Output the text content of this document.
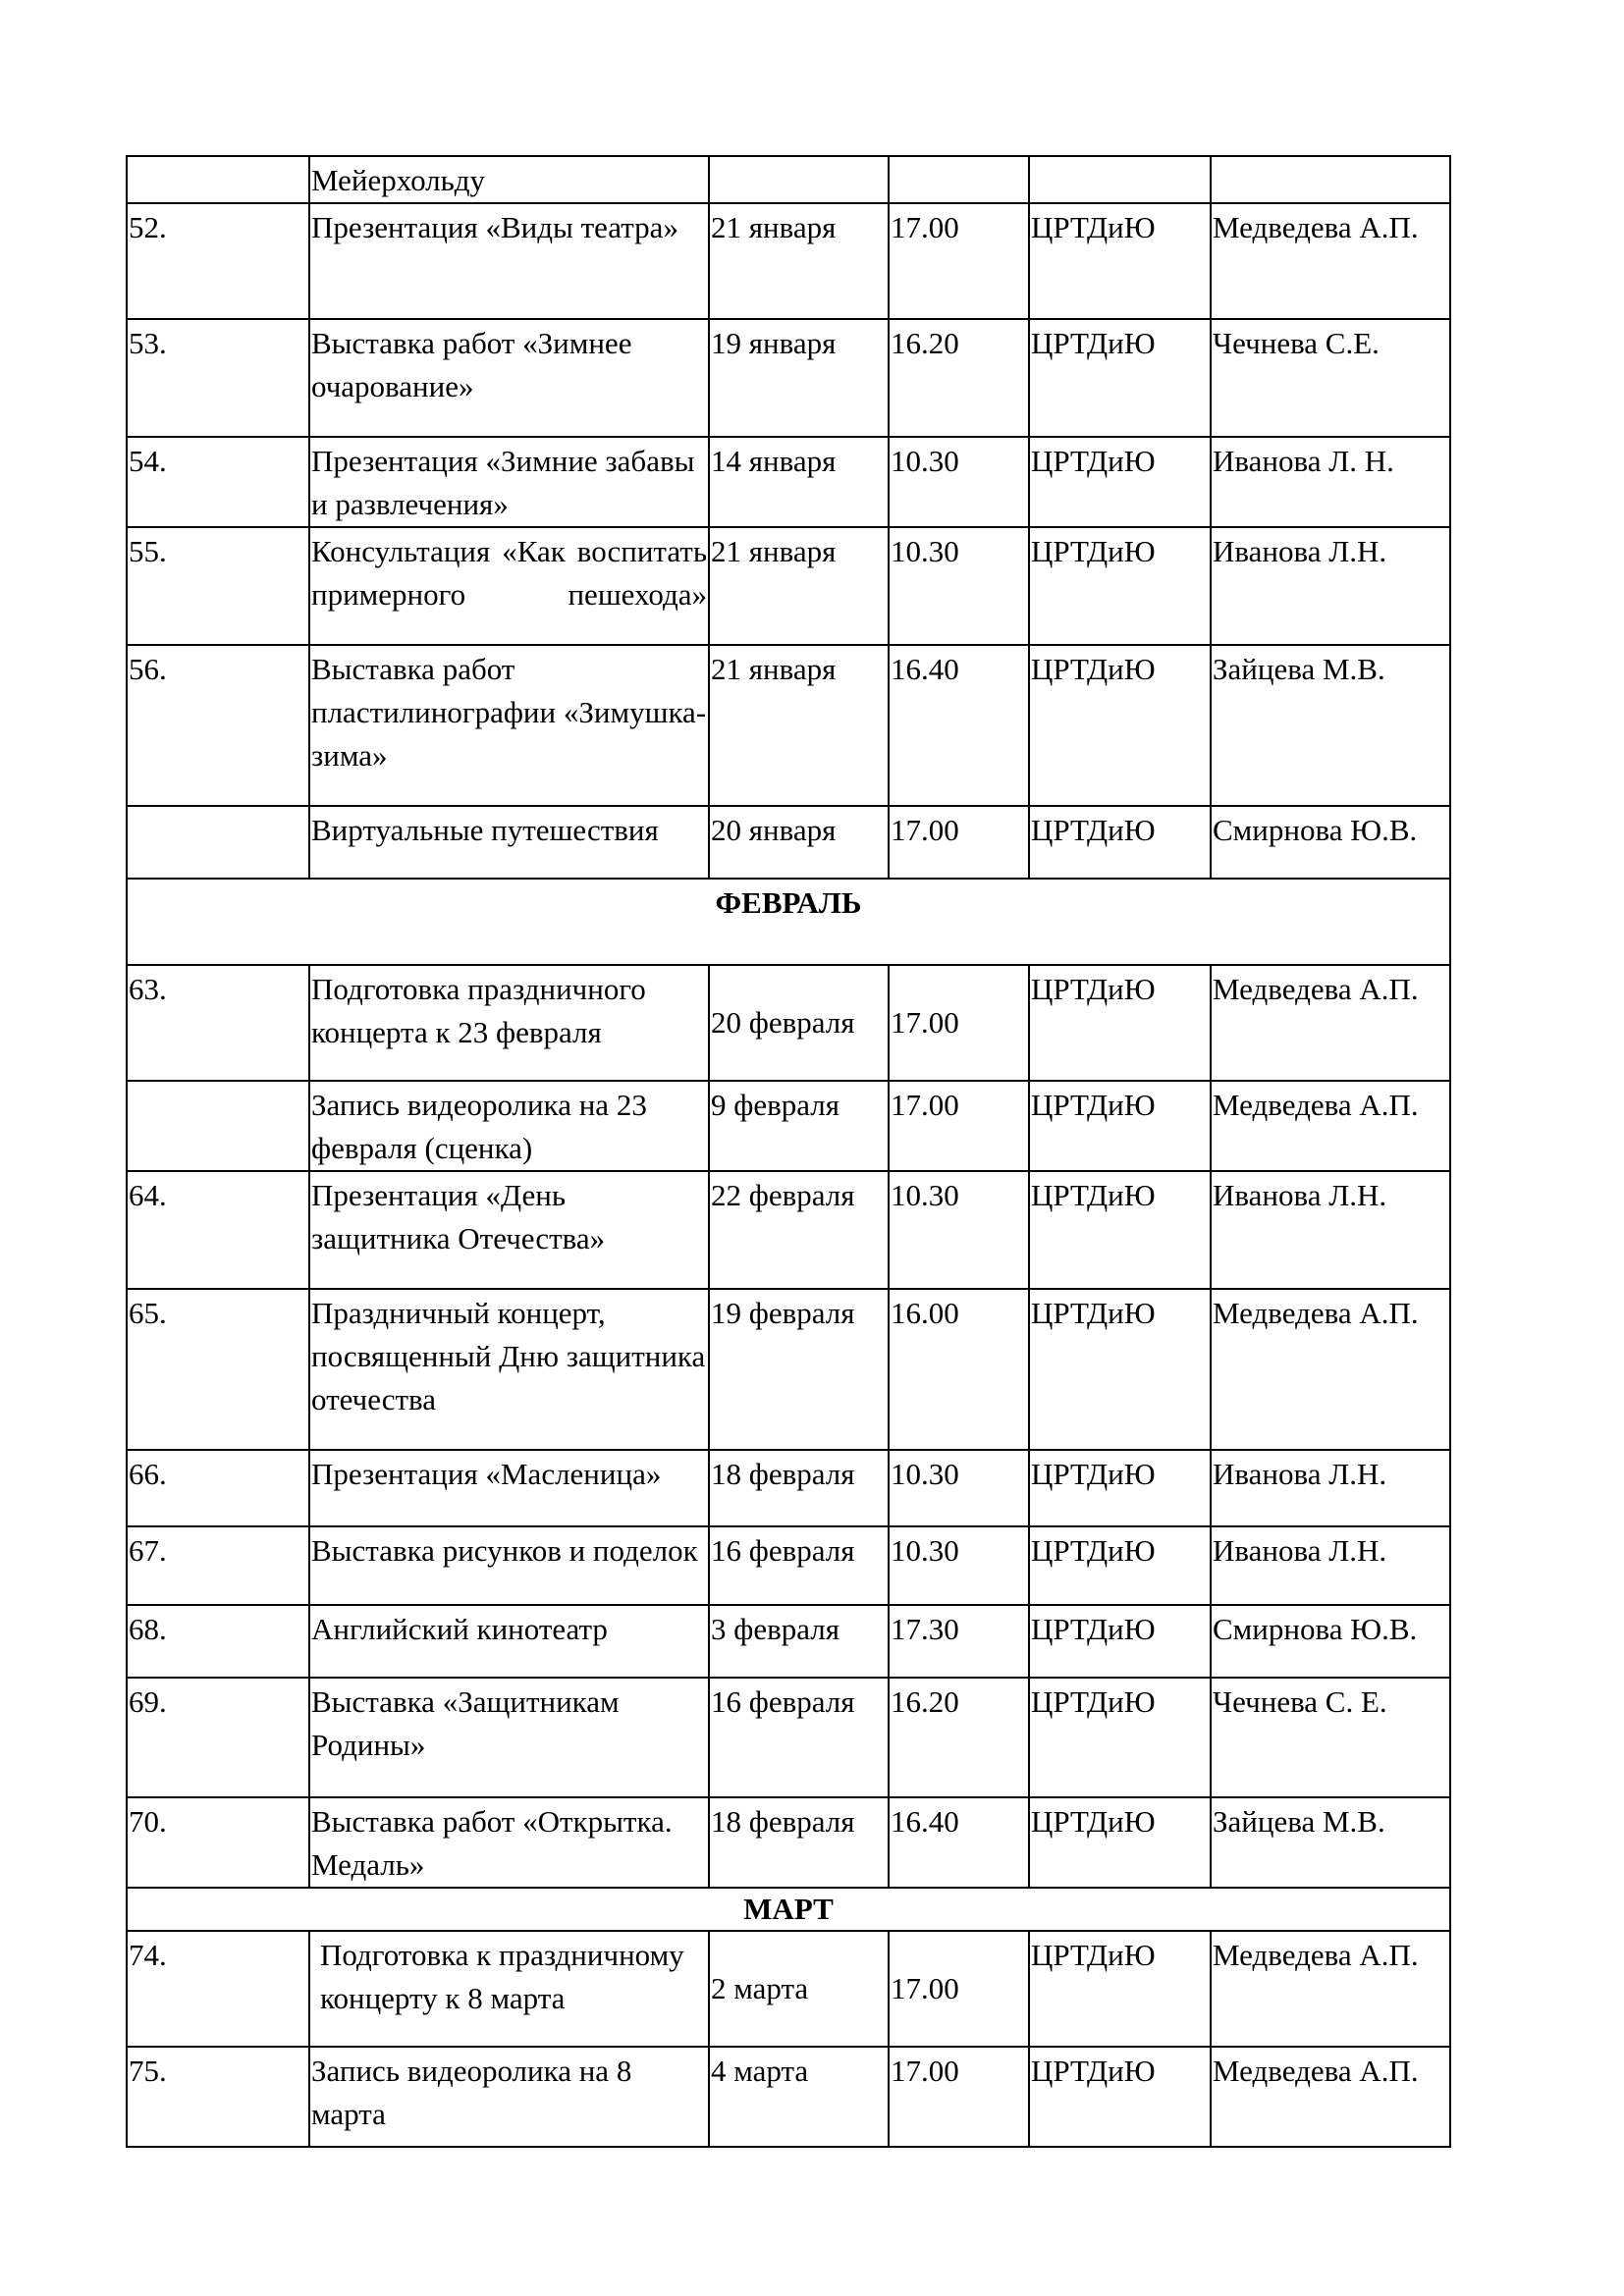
	Мейерхольду				
52.	Презентация «Виды театра»	21 января	17.00	ЦРТДиЮ	Медведева А.П.
53.	Выставка работ «Зимнее очарование»	19 января	16.20	ЦРТДиЮ	Чечнева С.Е.
54.	Презентация «Зимние забавы и развлечения»	14 января	10.30	ЦРТДиЮ	Иванова Л. Н.
55.	Консультация «Как воспитать примерного пешехода»	21 января	10.30	ЦРТДиЮ	Иванова Л.Н.
56.	Выставка работ пластилинографии «Зимушка-зима»	21 января	16.40	ЦРТДиЮ	Зайцева М.В.
	Виртуальные путешествия	20 января	17.00	ЦРТДиЮ	Смирнова Ю.В.
ФЕВРАЛЬ					
63.	Подготовка праздничного концерта к 23 февраля	20 февраля	17.00	ЦРТДиЮ	Медведева А.П.
	Запись видеоролика на 23 февраля (сценка)	9 февраля	17.00	ЦРТДиЮ	Медведева А.П.
64.	Презентация «День защитника Отечества»	22 февраля	10.30	ЦРТДиЮ	Иванова Л.Н.
65.	Праздничный концерт, посвященный Дню защитника отечества	19 февраля	16.00	ЦРТДиЮ	Медведева А.П.
66.	Презентация «Масленица»	18 февраля	10.30	ЦРТДиЮ	Иванова Л.Н.
67.	Выставка рисунков и поделок	16 февраля	10.30	ЦРТДиЮ	Иванова Л.Н.
68.	Английский кинотеатр	3 февраля	17.30	ЦРТДиЮ	Смирнова Ю.В.
69.	Выставка «Защитникам Родины»	16 февраля	16.20	ЦРТДиЮ	Чечнева С. Е.
70.	Выставка работ «Открытка. Медаль»	18 февраля	16.40	ЦРТДиЮ	Зайцева М.В.
МАРТ					
74.	Подготовка к праздничному концерту к 8 марта	2 марта	17.00	ЦРТДиЮ	Медведева А.П.
75.	Запись видеоролика на 8 марта	4 марта	17.00	ЦРТДиЮ	Медведева А.П.
